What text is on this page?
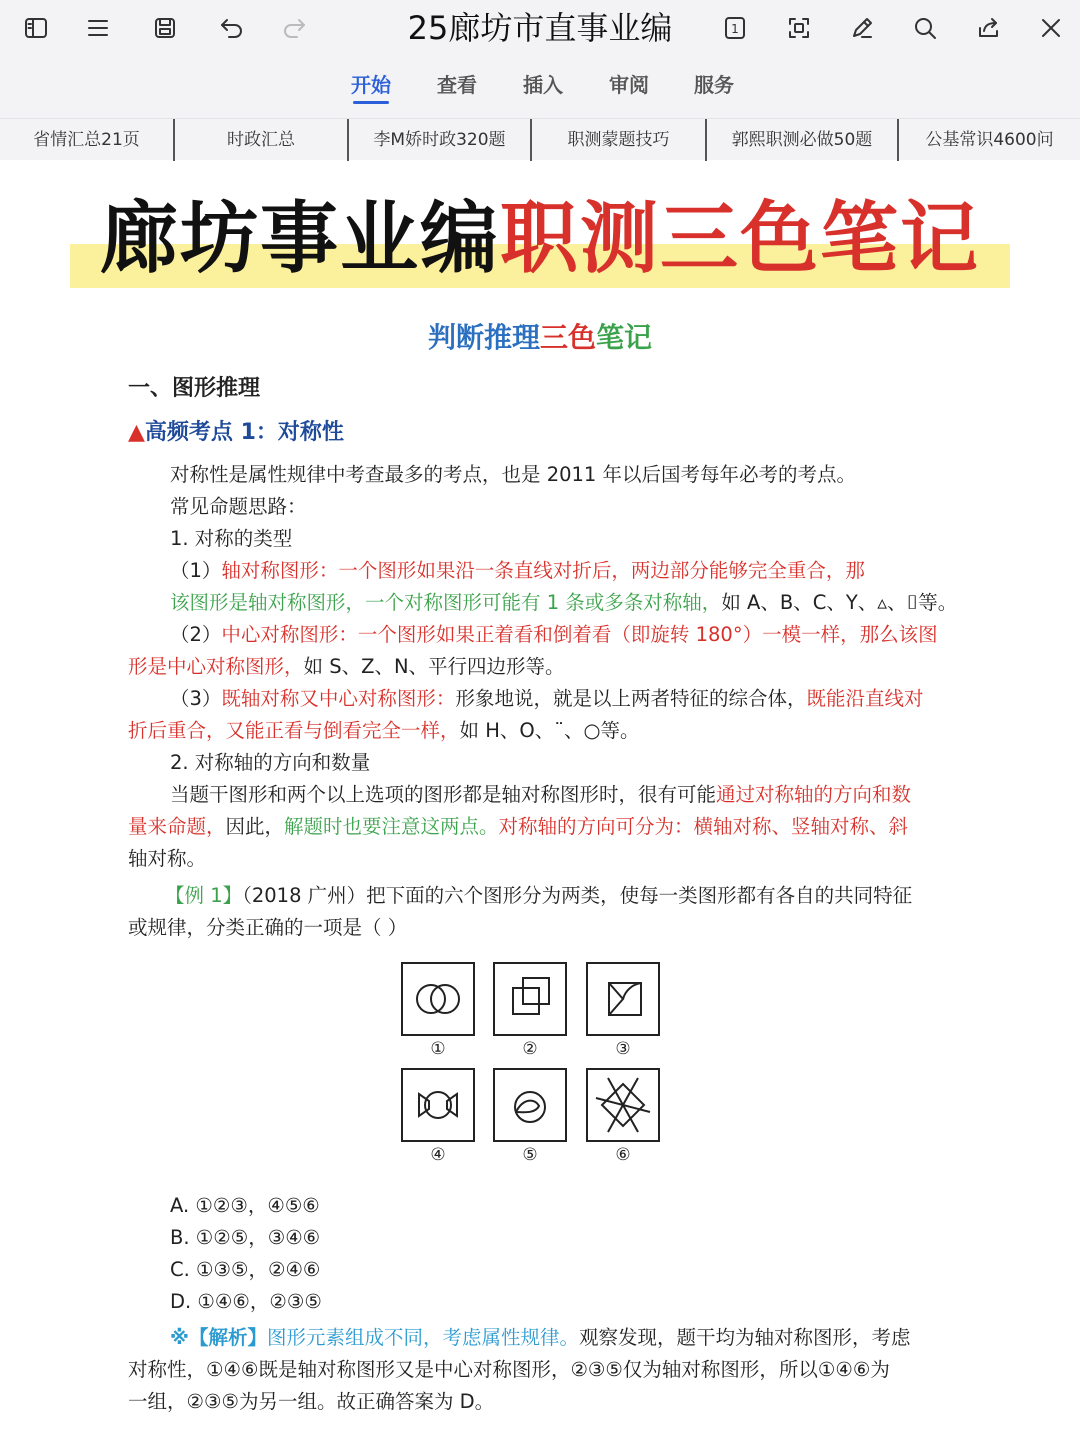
25廊坊市直事业编	1
开始 查看 插入 审阅 服务
省情汇总21页	时政汇总	李M娇时政320题	职测蒙题技巧	郭熙职测必做50题	公基常识4600问
廊坊事业编职测三色笔记
判断推理三色笔记
一、图形推理
▲高频考点 1：对称性
对称性是属性规律中考查最多的考点，也是 2011 年以后国考每年必考的考点。
常见命题思路：
1. 对称的类型
（1）轴对称图形：一个图形如果沿一条直线对折后，两边部分能够完全重合，那
该图形是轴对称图形，一个对称图形可能有 1 条或多条对称轴，如 A、B、C、Y、▵、⌷等。
（2）中心对称图形：一个图形如果正着看和倒着看（即旋转 180°）一模一样，那么该图
形是中心对称图形，如 S、Z、N、平行四边形等。
（3）既轴对称又中心对称图形：形象地说，就是以上两者特征的综合体，既能沿直线对
折后重合，又能正看与倒看完全一样，如 H、O、¨、○等。
2. 对称轴的方向和数量
当题干图形和两个以上选项的图形都是轴对称图形时，很有可能通过对称轴的方向和数
量来命题，因此，解题时也要注意这两点。对称轴的方向可分为：横轴对称、竖轴对称、斜
轴对称。
【例 1】（2018 广州）把下面的六个图形分为两类，使每一类图形都有各自的共同特征
或规律，分类正确的一项是（ ）
①	②	③
④	⑤	⑥
A. ①②③，④⑤⑥
B. ①②⑤，③④⑥
C. ①③⑤，②④⑥
D. ①④⑥，②③⑤
※【解析】图形元素组成不同，考虑属性规律。观察发现，题干均为轴对称图形，考虑
对称性，①④⑥既是轴对称图形又是中心对称图形，②③⑤仅为轴对称图形，所以①④⑥为
一组，②③⑤为另一组。故正确答案为 D。
